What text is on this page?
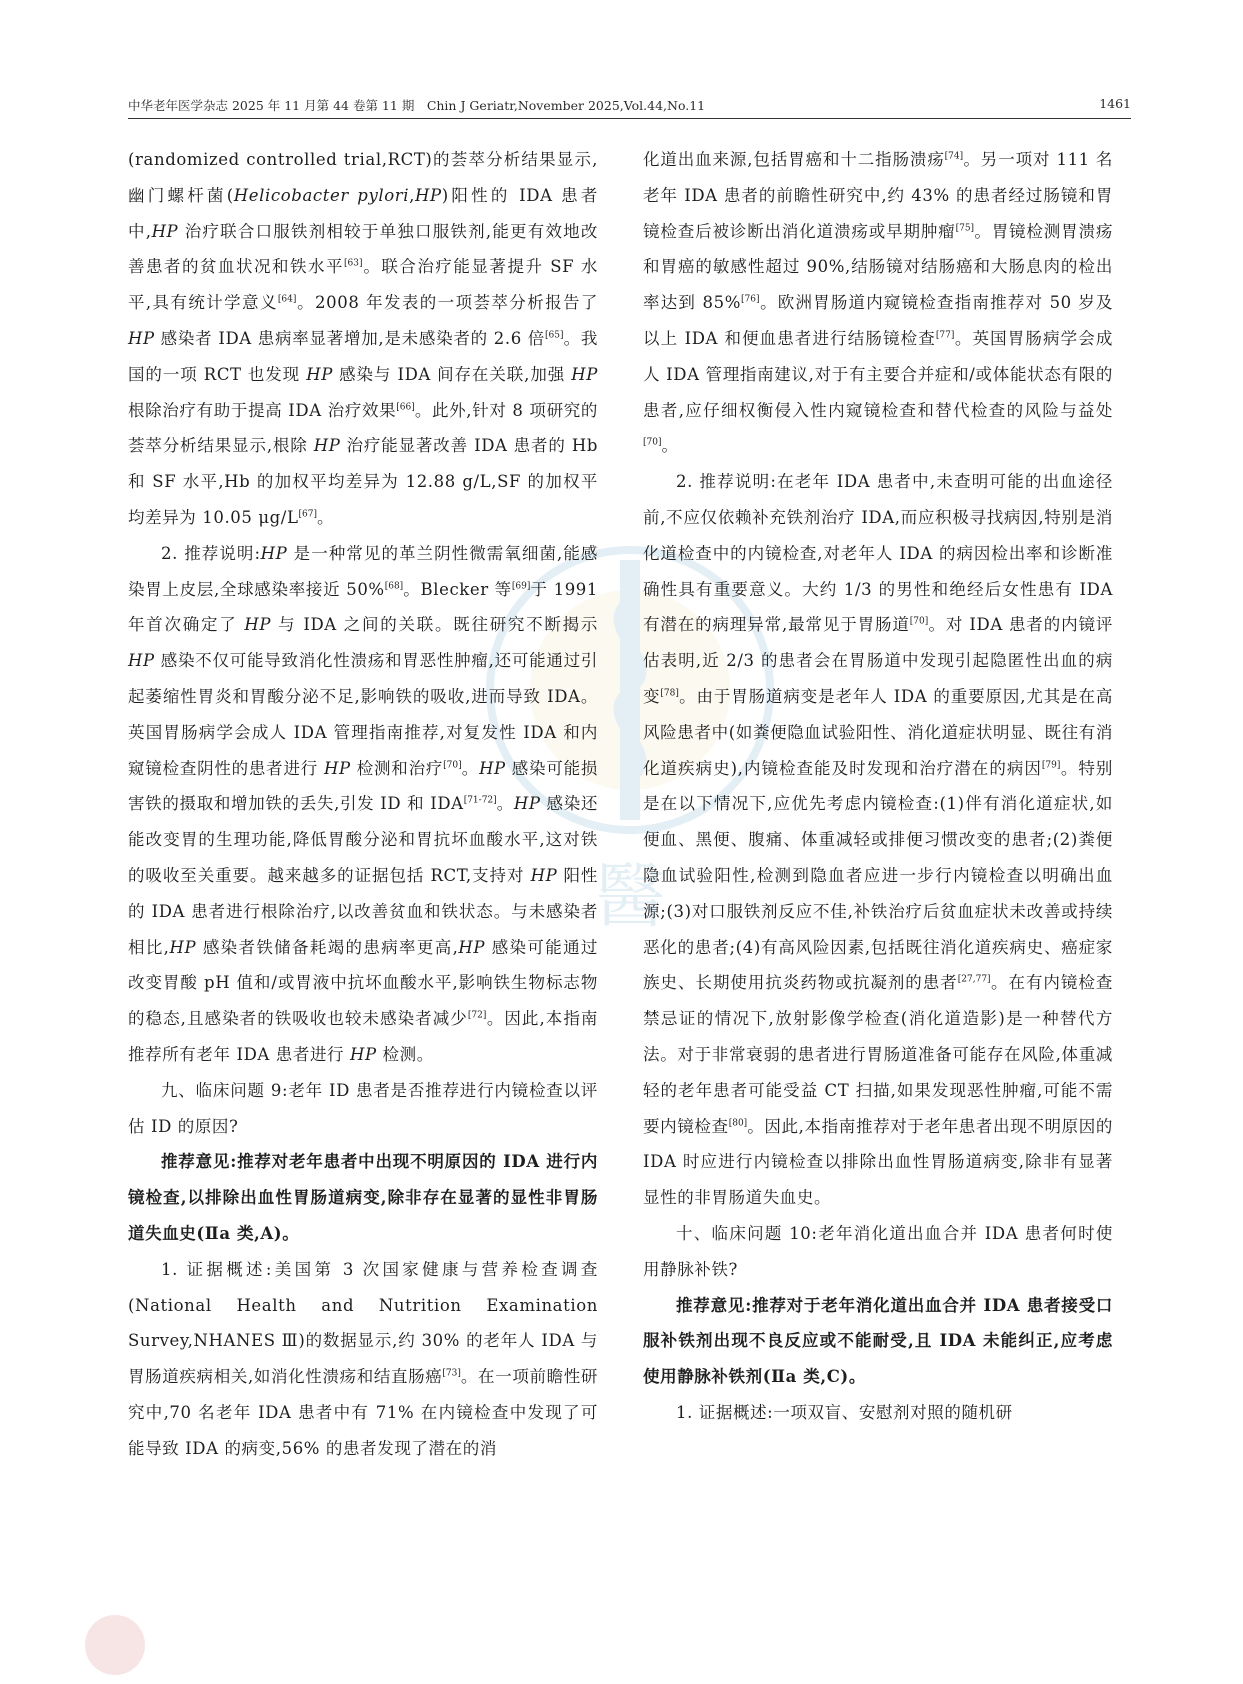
中华老年医学杂志 2025 年 11 月第 44 卷第 11 期　Chin J Geriatr,November 2025,Vol.44,No.11	1461
醫

(randomized controlled trial,RCT)的荟萃分析结果显示,幽门螺杆菌(Helicobacter pylori,HP)阳性的 IDA 患者中,HP 治疗联合口服铁剂相较于单独口服铁剂,能更有效地改善患者的贫血状况和铁水平[63]。联合治疗能显著提升 SF 水平,具有统计学意义[64]。2008 年发表的一项荟萃分析报告了 HP 感染者 IDA 患病率显著增加,是未感染者的 2.6 倍[65]。我国的一项 RCT 也发现 HP 感染与 IDA 间存在关联,加强 HP 根除治疗有助于提高 IDA 治疗效果[66]。此外,针对 8 项研究的荟萃分析结果显示,根除 HP 治疗能显著改善 IDA 患者的 Hb 和 SF 水平,Hb 的加权平均差异为 12.88 g/L,SF 的加权平均差异为 10.05 μg/L[67]。

2. 推荐说明:HP 是一种常见的革兰阴性微需氧细菌,能感染胃上皮层,全球感染率接近 50%[68]。Blecker 等[69]于 1991 年首次确定了 HP 与 IDA 之间的关联。既往研究不断揭示 HP 感染不仅可能导致消化性溃疡和胃恶性肿瘤,还可能通过引起萎缩性胃炎和胃酸分泌不足,影响铁的吸收,进而导致 IDA。英国胃肠病学会成人 IDA 管理指南推荐,对复发性 IDA 和内窥镜检查阴性的患者进行 HP 检测和治疗[70]。HP 感染可能损害铁的摄取和增加铁的丢失,引发 ID 和 IDA[71-72]。HP 感染还能改变胃的生理功能,降低胃酸分泌和胃抗坏血酸水平,这对铁的吸收至关重要。越来越多的证据包括 RCT,支持对 HP 阳性的 IDA 患者进行根除治疗,以改善贫血和铁状态。与未感染者相比,HP 感染者铁储备耗竭的患病率更高,HP 感染可能通过改变胃酸 pH 值和/或胃液中抗坏血酸水平,影响铁生物标志物的稳态,且感染者的铁吸收也较未感染者减少[72]。因此,本指南推荐所有老年 IDA 患者进行 HP 检测。

九、临床问题 9:老年 ID 患者是否推荐进行内镜检查以评估 ID 的原因?

推荐意见:推荐对老年患者中出现不明原因的 IDA 进行内镜检查,以排除出血性胃肠道病变,除非存在显著的显性非胃肠道失血史(Ⅱa 类,A)。

1. 证据概述:美国第 3 次国家健康与营养检查调查(National Health and Nutrition Examination Survey,NHANES Ⅲ)的数据显示,约 30% 的老年人 IDA 与胃肠道疾病相关,如消化性溃疡和结直肠癌[73]。在一项前瞻性研究中,70 名老年 IDA 患者中有 71% 在内镜检查中发现了可能导致 IDA 的病变,56% 的患者发现了潜在的消

化道出血来源,包括胃癌和十二指肠溃疡[74]。另一项对 111 名老年 IDA 患者的前瞻性研究中,约 43% 的患者经过肠镜和胃镜检查后被诊断出消化道溃疡或早期肿瘤[75]。胃镜检测胃溃疡和胃癌的敏感性超过 90%,结肠镜对结肠癌和大肠息肉的检出率达到 85%[76]。欧洲胃肠道内窥镜检查指南推荐对 50 岁及以上 IDA 和便血患者进行结肠镜检查[77]。英国胃肠病学会成人 IDA 管理指南建议,对于有主要合并症和/或体能状态有限的患者,应仔细权衡侵入性内窥镜检查和替代检查的风险与益处[70]。

2. 推荐说明:在老年 IDA 患者中,未查明可能的出血途径前,不应仅依赖补充铁剂治疗 IDA,而应积极寻找病因,特别是消化道检查中的内镜检查,对老年人 IDA 的病因检出率和诊断准确性具有重要意义。大约 1/3 的男性和绝经后女性患有 IDA 有潜在的病理异常,最常见于胃肠道[70]。对 IDA 患者的内镜评估表明,近 2/3 的患者会在胃肠道中发现引起隐匿性出血的病变[78]。由于胃肠道病变是老年人 IDA 的重要原因,尤其是在高风险患者中(如粪便隐血试验阳性、消化道症状明显、既往有消化道疾病史),内镜检查能及时发现和治疗潜在的病因[79]。特别是在以下情况下,应优先考虑内镜检查:(1)伴有消化道症状,如便血、黑便、腹痛、体重减轻或排便习惯改变的患者;(2)粪便隐血试验阳性,检测到隐血者应进一步行内镜检查以明确出血源;(3)对口服铁剂反应不佳,补铁治疗后贫血症状未改善或持续恶化的患者;(4)有高风险因素,包括既往消化道疾病史、癌症家族史、长期使用抗炎药物或抗凝剂的患者[27,77]。在有内镜检查禁忌证的情况下,放射影像学检查(消化道造影)是一种替代方法。对于非常衰弱的患者进行胃肠道准备可能存在风险,体重减轻的老年患者可能受益 CT 扫描,如果发现恶性肿瘤,可能不需要内镜检查[80]。因此,本指南推荐对于老年患者出现不明原因的 IDA 时应进行内镜检查以排除出血性胃肠道病变,除非有显著显性的非胃肠道失血史。

十、临床问题 10:老年消化道出血合并 IDA 患者何时使用静脉补铁?

推荐意见:推荐对于老年消化道出血合并 IDA 患者接受口服补铁剂出现不良反应或不能耐受,且 IDA 未能纠正,应考虑使用静脉补铁剂(Ⅱa 类,C)。

1. 证据概述:一项双盲、安慰剂对照的随机研
